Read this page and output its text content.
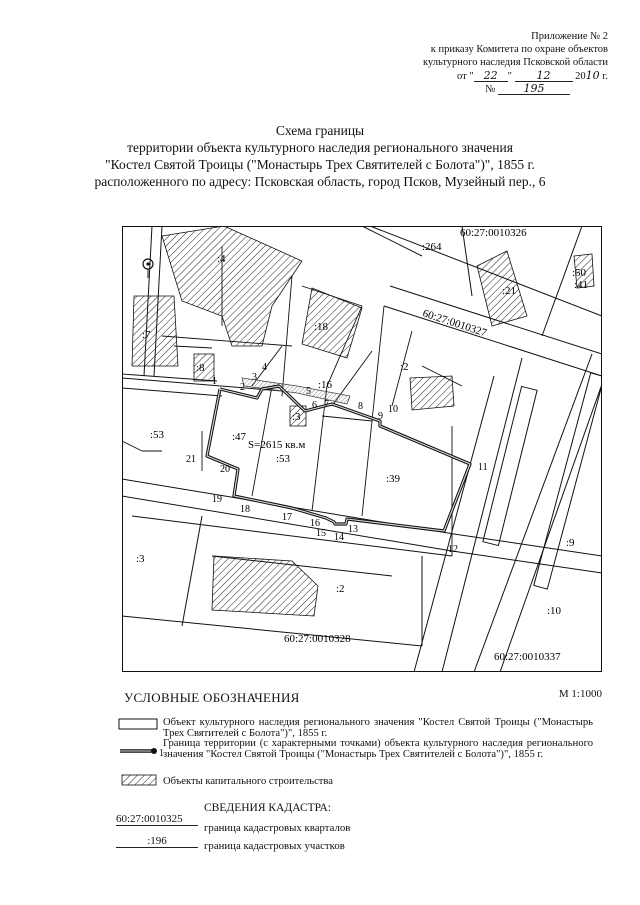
Приложение № 2
к приказу Комитета по охране объектов
культурного наследия Псковской области
от " 22 " 12 2010 г.
№	195
Схема границы
территории объекта культурного наследия регионального значения
"Костел Святой Троицы ("Монастырь Трех Святителей с Болота")", 1855 г.
расположенного по адресу: Псковская область, город Псков, Музейный пер., 6
60:27:0010326
60:27:0010327
60:27:0010328
60:27:0010337
:264
:4
:21
:50
:41
:7
:18
:8	:2
:16
:3
:47
:53
:53
:39
:9
:3
:2
:10
S=2615 кв.м
1
2
3
4
5
6 7	8
9
10
11
12
13
14
15
16
17
18
19
20
21
УСЛОВНЫЕ ОБОЗНАЧЕНИЯ	М 1:1000
Объект культурного наследия регионального значения "Костел Святой Троицы ("Монастырь Трех Святителей с Болота")", 1855 г.
1
Граница территории (с характерными точками) объекта культурного наследия регионального значения "Костел Святой Троицы ("Монастырь Трех Святителей с Болота")", 1855 г.
Объекты капитального строительства
СВЕДЕНИЯ КАДАСТРА:
60:27:0010325
граница кадастровых кварталов
:196	граница кадастровых участков
